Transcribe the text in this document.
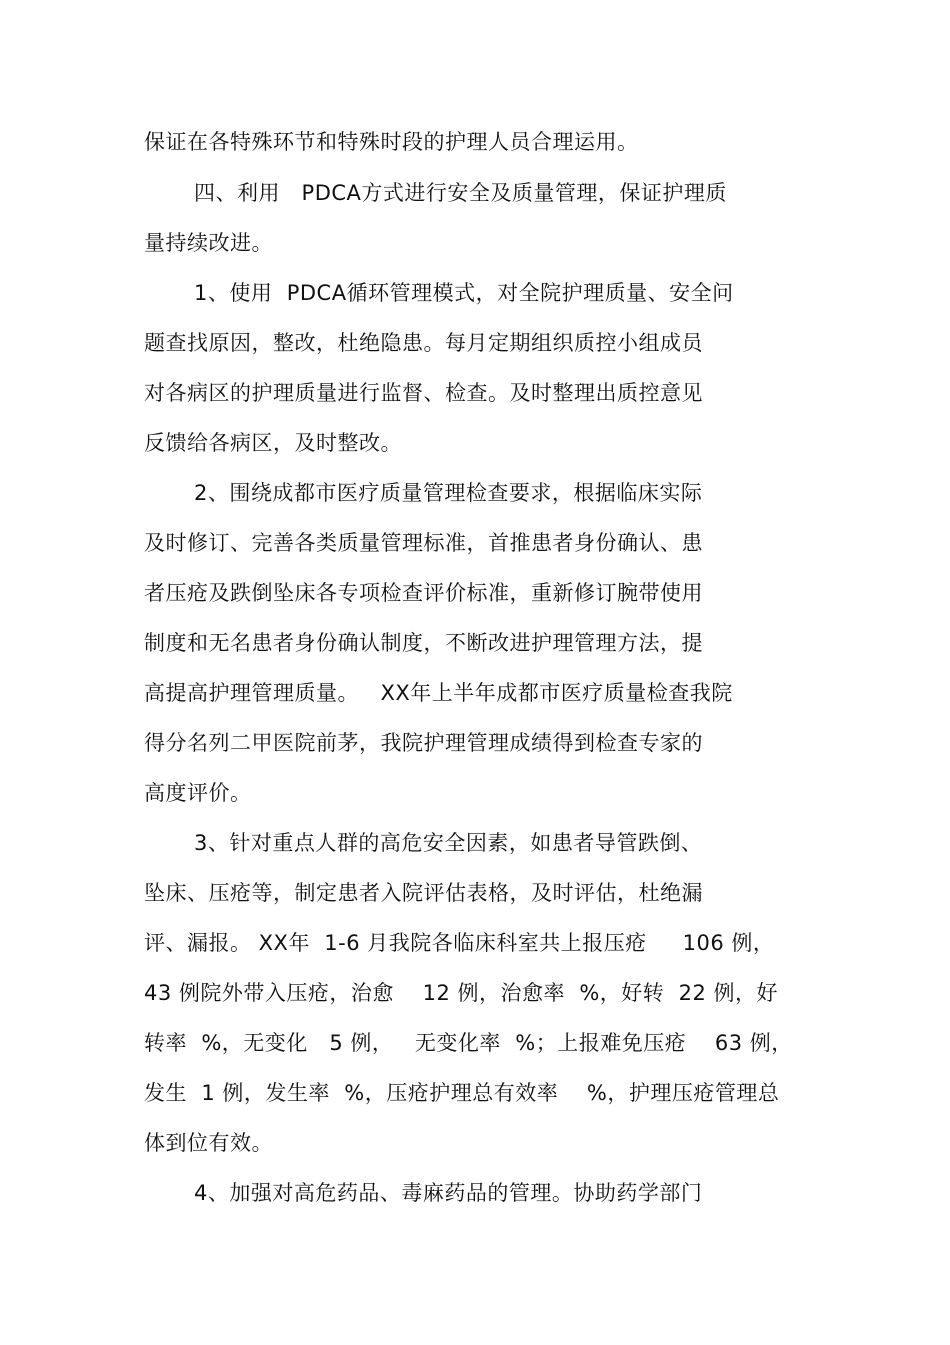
保证在各特殊环节和特殊时段的护理人员合理运用。
四、利用   PDCA方式进行安全及质量管理，保证护理质
量持续改进。
1、使用  PDCA循环管理模式，对全院护理质量、安全问
题查找原因，整改，杜绝隐患。每月定期组织质控小组成员
对各病区的护理质量进行监督、检查。及时整理出质控意见
反馈给各病区，及时整改。
2、围绕成都市医疗质量管理检查要求，根据临床实际
及时修订、完善各类质量管理标准，首推患者身份确认、患
者压疮及跌倒坠床各专项检查评价标准，重新修订腕带使用
制度和无名患者身份确认制度，不断改进护理管理方法，提
高提高护理管理质量。   XX年上半年成都市医疗质量检查我院
得分名列二甲医院前茅，我院护理管理成绩得到检查专家的
高度评价。
3、针对重点人群的高危安全因素，如患者导管跌倒、
坠床、压疮等，制定患者入院评估表格，及时评估，杜绝漏
评、漏报。 XX年  1-6 月我院各临床科室共上报压疮     106 例，
43 例院外带入压疮，治愈    12 例，治愈率  %，好转  22 例，好
转率  %，无变化   5 例，   无变化率  %；上报难免压疮    63 例，
发生  1 例，发生率  %，压疮护理总有效率    %，护理压疮管理总
体到位有效。
4、加强对高危药品、毒麻药品的管理。协助药学部门
